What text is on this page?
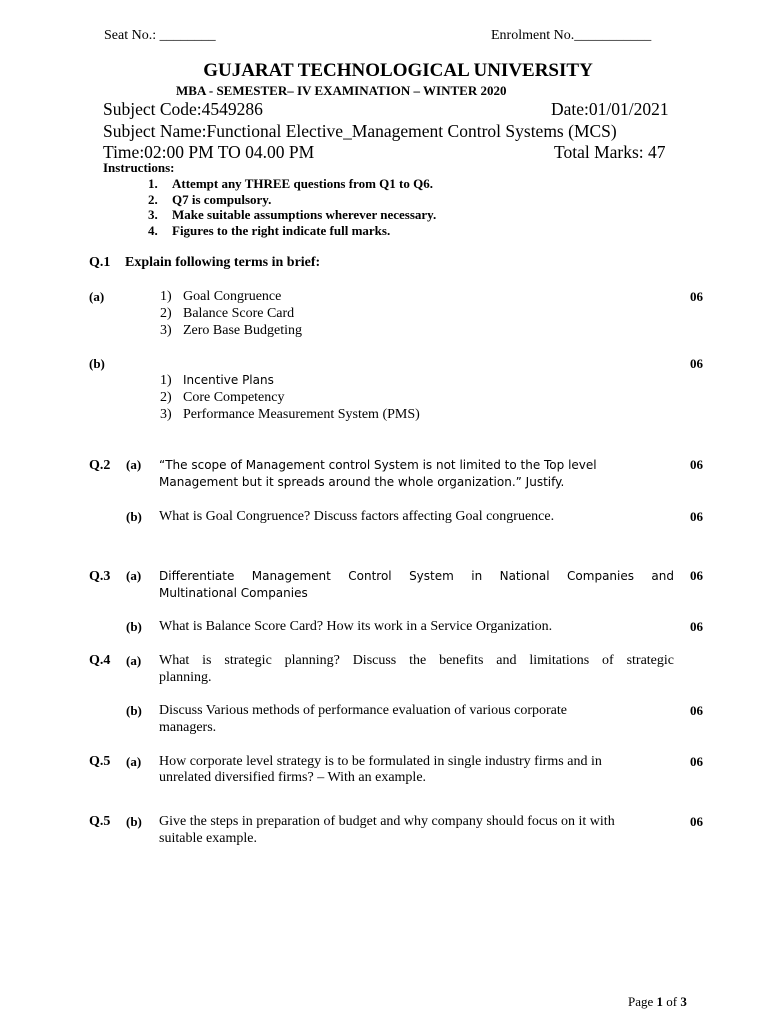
Seat No.: ________	Enrolment No.___________
GUJARAT TECHNOLOGICAL UNIVERSITY
MBA - SEMESTER– IV EXAMINATION – WINTER 2020
Subject Code:4549286	Date:01/01/2021
Subject Name:Functional Elective_Management Control Systems (MCS)
Time:02:00 PM TO 04.00 PM	Total Marks: 47
Instructions:
1. Attempt any THREE questions from Q1 to Q6.
2. Q7 is compulsory.
3. Make suitable assumptions wherever necessary.
4. Figures to the right indicate full marks.
Q.1 Explain following terms in brief:
(a)	1) Goal Congruence
2) Balance Score Card
3) Zero Base Budgeting
06
(b)	06
1) Incentive Plans
2) Core Competency
3) Performance Measurement System (PMS)
Q.2 (a) “The scope of Management control System is not limited to the Top level
Management but it spreads around the whole organization.” Justify.
06
(b) What is Goal Congruence? Discuss factors affecting Goal congruence.	06
Q.3 (a) Differentiate Management Control System in National Companies and
Multinational Companies
06
(b) What is Balance Score Card? How its work in a Service Organization.	06
Q.4 (a) What is strategic planning? Discuss the benefits and limitations of strategic
planning.
(b) Discuss Various methods of performance evaluation of various corporate
managers.
06
Q.5 (a) How corporate level strategy is to be formulated in single industry firms and in
unrelated diversified firms? – With an example.
06
Q.5 (b) Give the steps in preparation of budget and why company should focus on it with
suitable example.
06
Page 1 of 3
